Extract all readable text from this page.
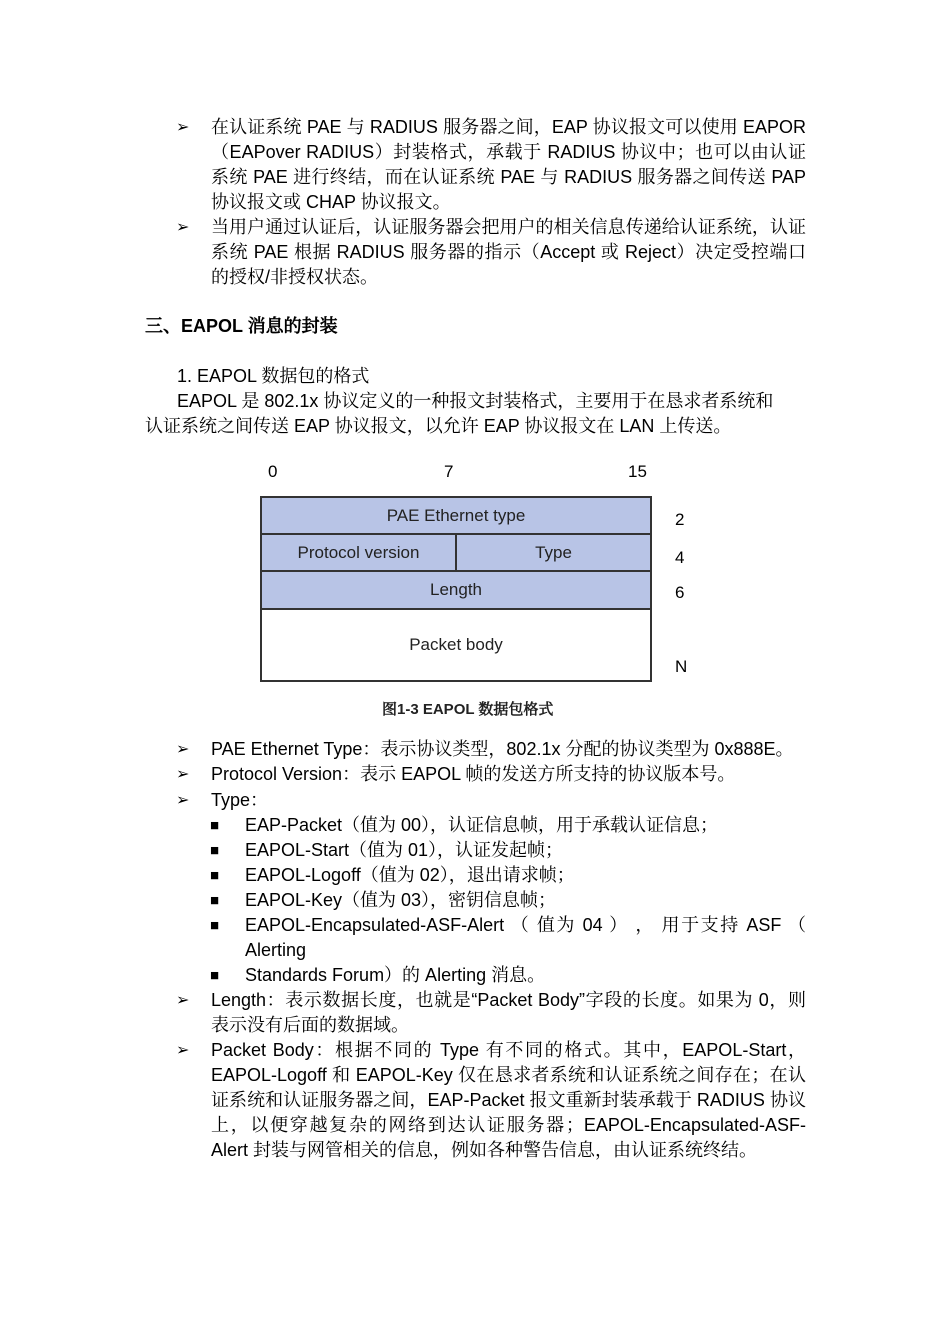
➢	在认证系统 PAE 与 RADIUS 服务器之间，EAP 协议报文可以使用 EAPOR（EAPover RADIUS）封装格式，承载于 RADIUS 协议中；也可以由认证系统 PAE 进行终结，而在认证系统 PAE 与 RADIUS 服务器之间传送 PAP 协议报文或 CHAP 协议报文。
➢	当用户通过认证后，认证服务器会把用户的相关信息传递给认证系统，认证系统 PAE 根据 RADIUS 服务器的指示（Accept 或 Reject）决定受控端口的授权/非授权状态。
三、EAPOL 消息的封装
1. EAPOL 数据包的格式
EAPOL 是 802.1x 协议定义的一种报文封装格式，主要用于在恳求者系统和
认证系统之间传送 EAP 协议报文，以允许 EAP 协议报文在 LAN 上传送。
0	7	15
PAE Ethernet type
Protocol version	Type
Length
Packet body
2
4
6
N
图1-3 EAPOL 数据包格式
➢	PAE Ethernet Type：表示协议类型，802.1x 分配的协议类型为 0x888E。
➢	Protocol Version：表示 EAPOL 帧的发送方所支持的协议版本号。
➢	Type：
■ EAP-Packet（值为 00），认证信息帧，用于承载认证信息；
■ EAPOL-Start（值为 01），认证发起帧；
■ EAPOL-Logoff（值为 02），退出请求帧；
■ EAPOL-Key（值为 03），密钥信息帧；
■ EAPOL-Encapsulated-ASF-Alert （ 值为 04 ） ， 用于支持 ASF （ Alerting
■ Standards Forum）的 Alerting 消息。
➢	Length：表示数据长度，也就是“Packet Body”字段的长度。如果为 0，则表示没有后面的数据域。
➢	Packet Body：根据不同的 Type 有不同的格式。其中，EAPOL-Start，EAPOL-Logoff 和 EAPOL-Key 仅在恳求者系统和认证系统之间存在；在认证系统和认证服务器之间，EAP-Packet 报文重新封装承载于 RADIUS 协议上，以便穿越复杂的网络到达认证服务器；EAPOL-Encapsulated-ASF-Alert 封装与网管相关的信息，例如各种警告信息，由认证系统终结。
